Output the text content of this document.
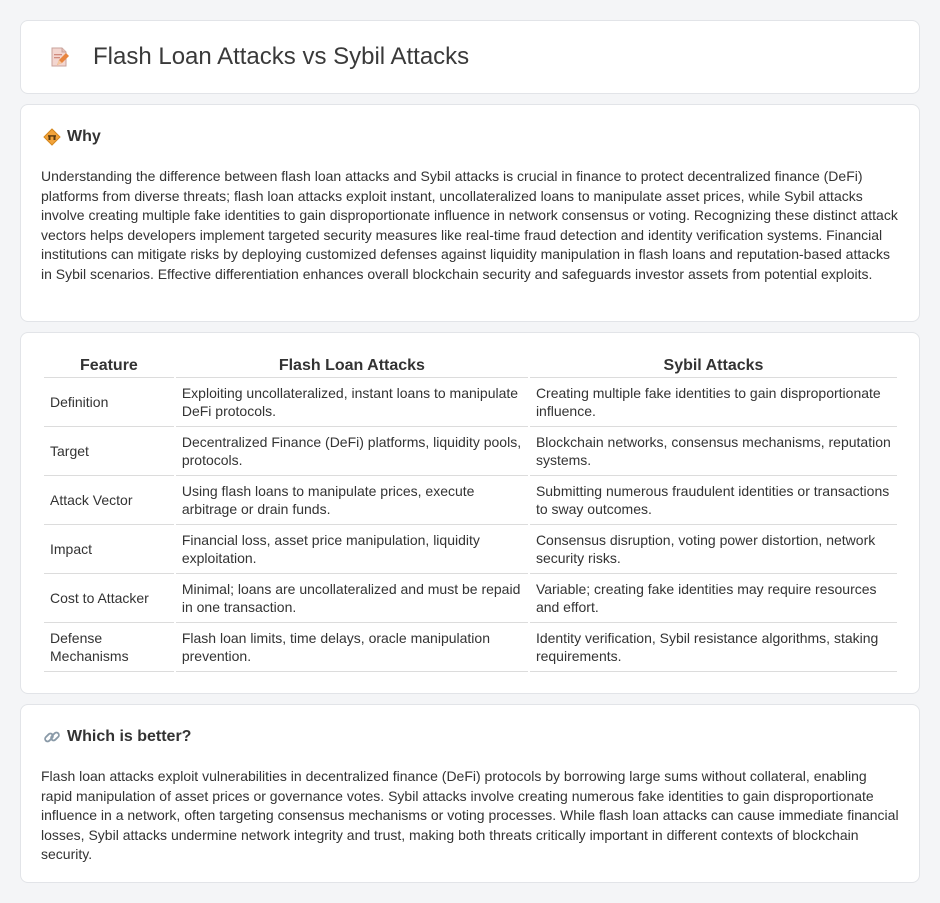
Flash Loan Attacks vs Sybil Attacks
Why

Understanding the difference between flash loan attacks and Sybil attacks is crucial in finance to protect decentralized finance (DeFi) platforms from diverse threats; flash loan attacks exploit instant, uncollateralized loans to manipulate asset prices, while Sybil attacks involve creating multiple fake identities to gain disproportionate influence in network consensus or voting. Recognizing these distinct attack vectors helps developers implement targeted security measures like real-time fraud detection and identity verification systems. Financial institutions can mitigate risks by deploying customized defenses against liquidity manipulation in flash loans and reputation-based attacks in Sybil scenarios. Effective differentiation enhances overall blockchain security and safeguards investor assets from potential exploits.

Feature	Flash Loan Attacks	Sybil Attacks
Definition	Exploiting uncollateralized, instant loans to manipulate DeFi protocols.	Creating multiple fake identities to gain disproportionate influence.
Target	Decentralized Finance (DeFi) platforms, liquidity pools, protocols.	Blockchain networks, consensus mechanisms, reputation systems.
Attack Vector	Using flash loans to manipulate prices, execute arbitrage or drain funds.	Submitting numerous fraudulent identities or transactions to sway outcomes.
Impact	Financial loss, asset price manipulation, liquidity exploitation.	Consensus disruption, voting power distortion, network security risks.
Cost to Attacker	Minimal; loans are uncollateralized and must be repaid in one transaction.	Variable; creating fake identities may require resources and effort.
Defense Mechanisms	Flash loan limits, time delays, oracle manipulation prevention.	Identity verification, Sybil resistance algorithms, staking requirements.
Which is better?

Flash loan attacks exploit vulnerabilities in decentralized finance (DeFi) protocols by borrowing large sums without collateral, enabling rapid manipulation of asset prices or governance votes. Sybil attacks involve creating numerous fake identities to gain disproportionate influence in a network, often targeting consensus mechanisms or voting processes. While flash loan attacks can cause immediate financial losses, Sybil attacks undermine network integrity and trust, making both threats critically important in different contexts of blockchain security.
